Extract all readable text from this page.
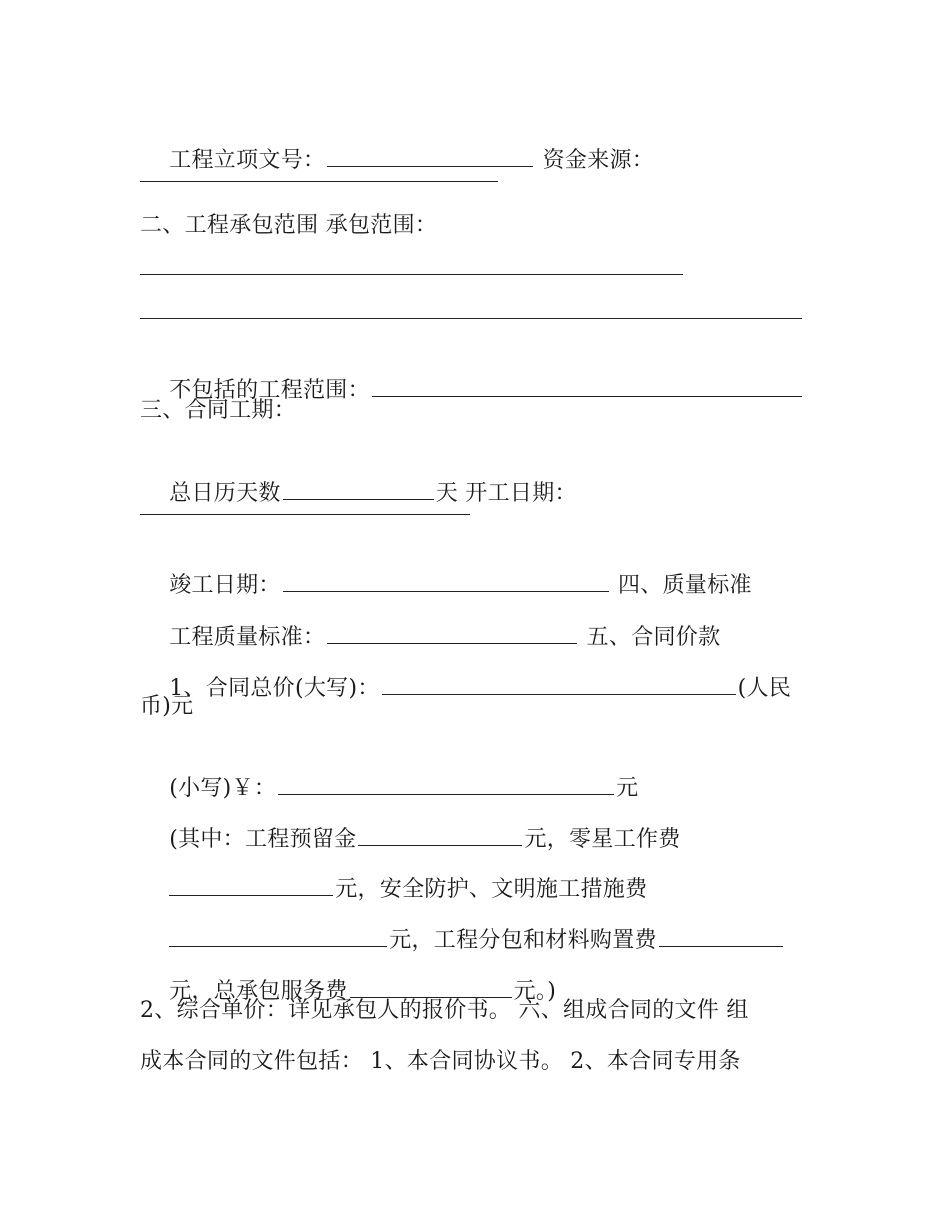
工程立项文号：	资金来源：

二、工程承包范围 承包范围：

不包括的工程范围：

三、合同工期：

总日历天数	天 开工日期：

竣工日期：	四、质量标准

工程质量标准：	五、合同价款

1、合同总价(大写)：	(人民

币)元

(小写)￥：	元

(其中：工程预留金	元，零星工作费

元，安全防护、文明施工措施费

元，工程分包和材料购置费

元，总承包服务费	元。)

2、综合单价：详见承包人的报价书。 六、组成合同的文件 组
成本合同的文件包括： 1、本合同协议书。 2、本合同专用条
